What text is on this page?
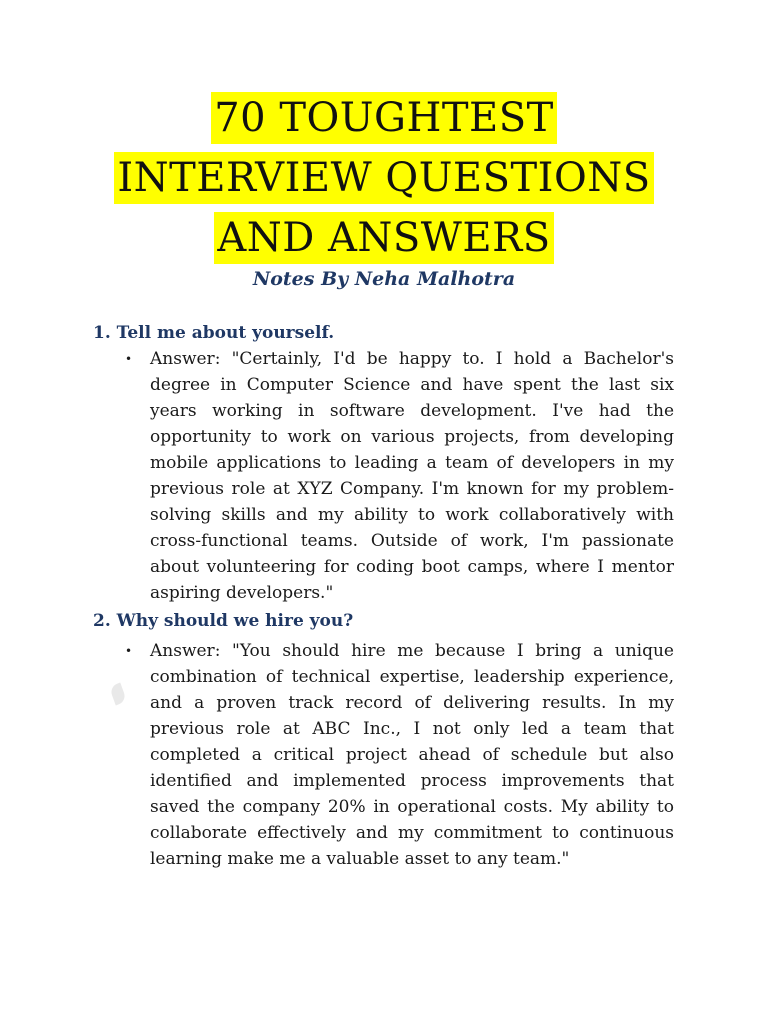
70 TOUGHTEST
INTERVIEW QUESTIONS
AND ANSWERS
Notes By Neha Malhotra
1. Tell me about yourself.
• Answer: "Certainly, I'd be happy to. I hold a Bachelor's degree in Computer Science and have spent the last six years working in software development. I've had the opportunity to work on various projects, from developing mobile applications to leading a team of developers in my previous role at XYZ Company. I'm known for my problem-solving skills and my ability to work collaboratively with cross-functional teams. Outside of work, I'm passionate about volunteering for coding boot camps, where I mentor aspiring developers."
2. Why should we hire you?
• Answer: "You should hire me because I bring a unique combination of technical expertise, leadership experience, and a proven track record of delivering results. In my previous role at ABC Inc., I not only led a team that completed a critical project ahead of schedule but also identified and implemented process improvements that saved the company 20% in operational costs. My ability to collaborate effectively and my commitment to continuous learning make me a valuable asset to any team."
